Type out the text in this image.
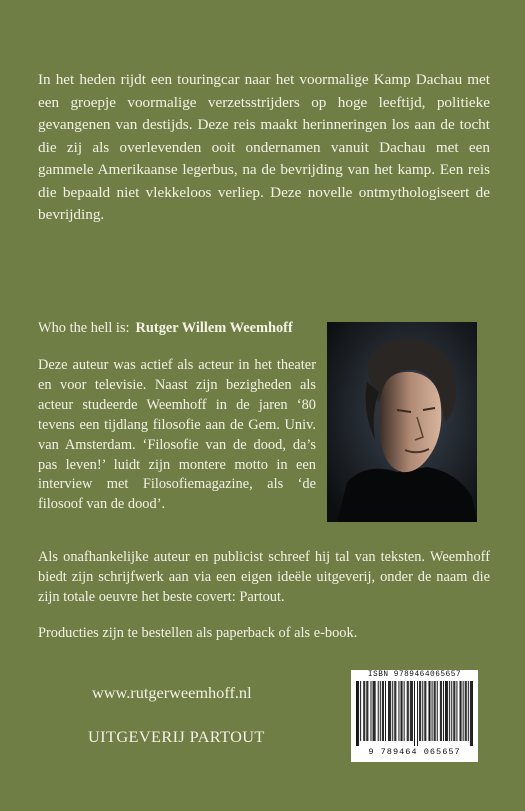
In het heden rijdt een touringcar naar het voormalige Kamp Dachau met een groepje voormalige verzetsstrijders op hoge leeftijd, politieke gevangenen van destijds. Deze reis maakt herinneringen los aan de tocht die zij als overlevenden ooit ondernamen vanuit Dachau met een gammele Amerikaanse legerbus, na de bevrijding van het kamp. Een reis die bepaald niet vlekkeloos verliep. Deze novelle ontmythologiseert de bevrijding.

Who the hell is: Rutger Willem Weemhoff

Deze auteur was actief als acteur in het theater en voor televisie. Naast zijn bezigheden als acteur studeerde Weemhoff in de jaren ‘80 tevens een tijdlang filosofie aan de Gem. Univ. van Amsterdam. ‘Filosofie van de dood, da’s pas leven!’ luidt zijn montere motto in een interview met Filosofiemagazine, als ‘de filosoof van de dood’.

Als onafhankelijke auteur en publicist schreef hij tal van teksten. Weemhoff biedt zijn schrijfwerk aan via een eigen ideële uitgeverij, onder de naam die zijn totale oeuvre het beste covert: Partout.

Producties zijn te bestellen als paperback of als e-book.

www.rutgerweemhoff.nl

UITGEVERIJ PARTOUT

ISBN 9789464065657

9 789464 065657
